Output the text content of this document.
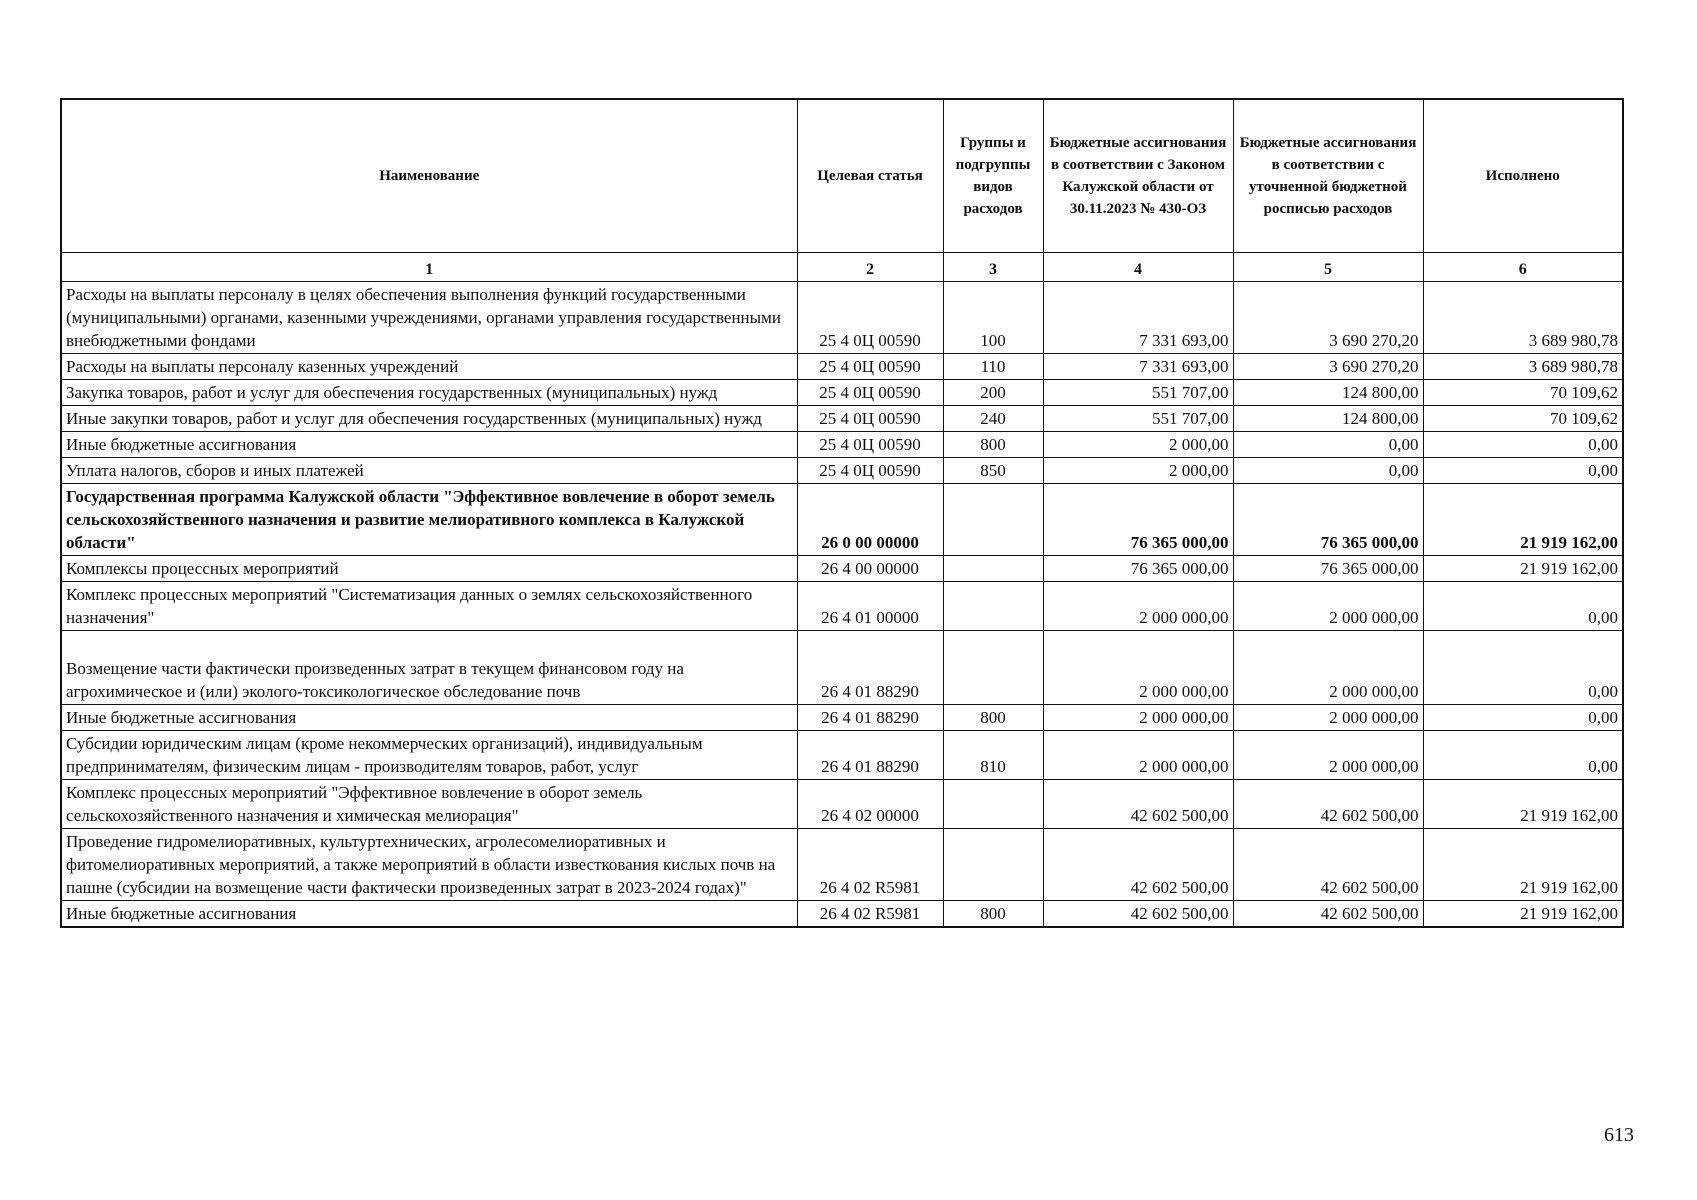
Наименование	Целевая статья	Группы и подгруппы видов расходов	Бюджетные ассигнования в соответствии с Законом Калужской области от 30.11.2023 № 430-ОЗ	Бюджетные ассигнования в соответствии с уточненной бюджетной росписью расходов	Исполнено
1	2	3	4	5	6
Расходы на выплаты персоналу в целях обеспечения выполнения функций государственными (муниципальными) органами, казенными учреждениями, органами управления государственными внебюджетными фондами	25 4 0Ц 00590	100	7 331 693,00	3 690 270,20	3 689 980,78
Расходы на выплаты персоналу казенных учреждений	25 4 0Ц 00590	110	7 331 693,00	3 690 270,20	3 689 980,78
Закупка товаров, работ и услуг для обеспечения государственных (муниципальных) нужд	25 4 0Ц 00590	200	551 707,00	124 800,00	70 109,62
Иные закупки товаров, работ и услуг для обеспечения государственных (муниципальных) нужд	25 4 0Ц 00590	240	551 707,00	124 800,00	70 109,62
Иные бюджетные ассигнования	25 4 0Ц 00590	800	2 000,00	0,00	0,00
Уплата налогов, сборов и иных платежей	25 4 0Ц 00590	850	2 000,00	0,00	0,00
Государственная программа Калужской области "Эффективное вовлечение в оборот земель сельскохозяйственного назначения и развитие мелиоративного комплекса в Калужской области"	26 0 00 00000		76 365 000,00	76 365 000,00	21 919 162,00
Комплексы процессных мероприятий	26 4 00 00000		76 365 000,00	76 365 000,00	21 919 162,00
Комплекс процессных мероприятий "Систематизация данных о землях сельскохозяйственного назначения"	26 4 01 00000		2 000 000,00	2 000 000,00	0,00
Возмещение части фактически произведенных затрат в текущем финансовом году на агрохимическое и (или) эколого-токсикологическое обследование почв	26 4 01 88290		2 000 000,00	2 000 000,00	0,00
Иные бюджетные ассигнования	26 4 01 88290	800	2 000 000,00	2 000 000,00	0,00
Субсидии юридическим лицам (кроме некоммерческих организаций), индивидуальным предпринимателям, физическим лицам - производителям товаров, работ, услуг	26 4 01 88290	810	2 000 000,00	2 000 000,00	0,00
Комплекс процессных мероприятий "Эффективное вовлечение в оборот земель сельскохозяйственного назначения и химическая мелиорация"	26 4 02 00000		42 602 500,00	42 602 500,00	21 919 162,00
Проведение гидромелиоративных, культуртехнических, агролесомелиоративных и фитомелиоративных мероприятий, а также мероприятий в области известкования кислых почв на пашне (субсидии на возмещение части фактически произведенных затрат в 2023-2024 годах)"	26 4 02 R5981		42 602 500,00	42 602 500,00	21 919 162,00
Иные бюджетные ассигнования	26 4 02 R5981	800	42 602 500,00	42 602 500,00	21 919 162,00
613
